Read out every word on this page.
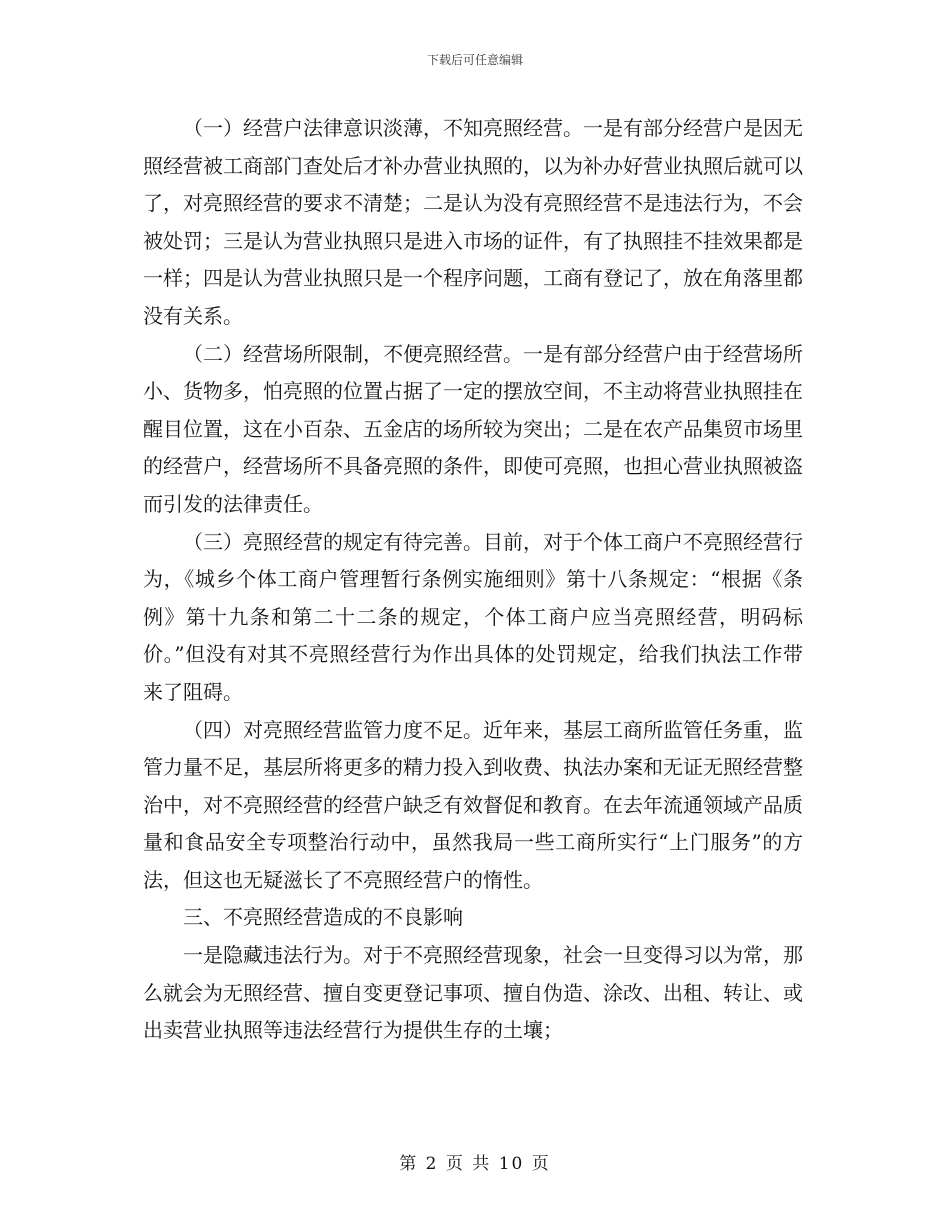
下载后可任意编辑

（一）经营户法律意识淡薄，不知亮照经营。一是有部分经营户是因无照经营被工商部门查处后才补办营业执照的，以为补办好营业执照后就可以了，对亮照经营的要求不清楚；二是认为没有亮照经营不是违法行为，不会被处罚；三是认为营业执照只是进入市场的证件，有了执照挂不挂效果都是一样；四是认为营业执照只是一个程序问题，工商有登记了，放在角落里都没有关系。

（二）经营场所限制，不便亮照经营。一是有部分经营户由于经营场所小、货物多，怕亮照的位置占据了一定的摆放空间，不主动将营业执照挂在醒目位置，这在小百杂、五金店的场所较为突出；二是在农产品集贸市场里的经营户，经营场所不具备亮照的条件，即使可亮照，也担心营业执照被盗而引发的法律责任。

（三）亮照经营的规定有待完善。目前，对于个体工商户不亮照经营行为，《城乡个体工商户管理暂行条例实施细则》第十八条规定：“根据《条例》第十九条和第二十二条的规定，个体工商户应当亮照经营，明码标价。”但没有对其不亮照经营行为作出具体的处罚规定，给我们执法工作带来了阻碍。

（四）对亮照经营监管力度不足。近年来，基层工商所监管任务重，监管力量不足，基层所将更多的精力投入到收费、执法办案和无证无照经营整治中，对不亮照经营的经营户缺乏有效督促和教育。在去年流通领域产品质量和食品安全专项整治行动中，虽然我局一些工商所实行“上门服务”的方法，但这也无疑滋长了不亮照经营户的惰性。

三、不亮照经营造成的不良影响

一是隐藏违法行为。对于不亮照经营现象，社会一旦变得习以为常，那么就会为无照经营、擅自变更登记事项、擅自伪造、涂改、出租、转让、或出卖营业执照等违法经营行为提供生存的土壤；

第 2 页 共 10 页
